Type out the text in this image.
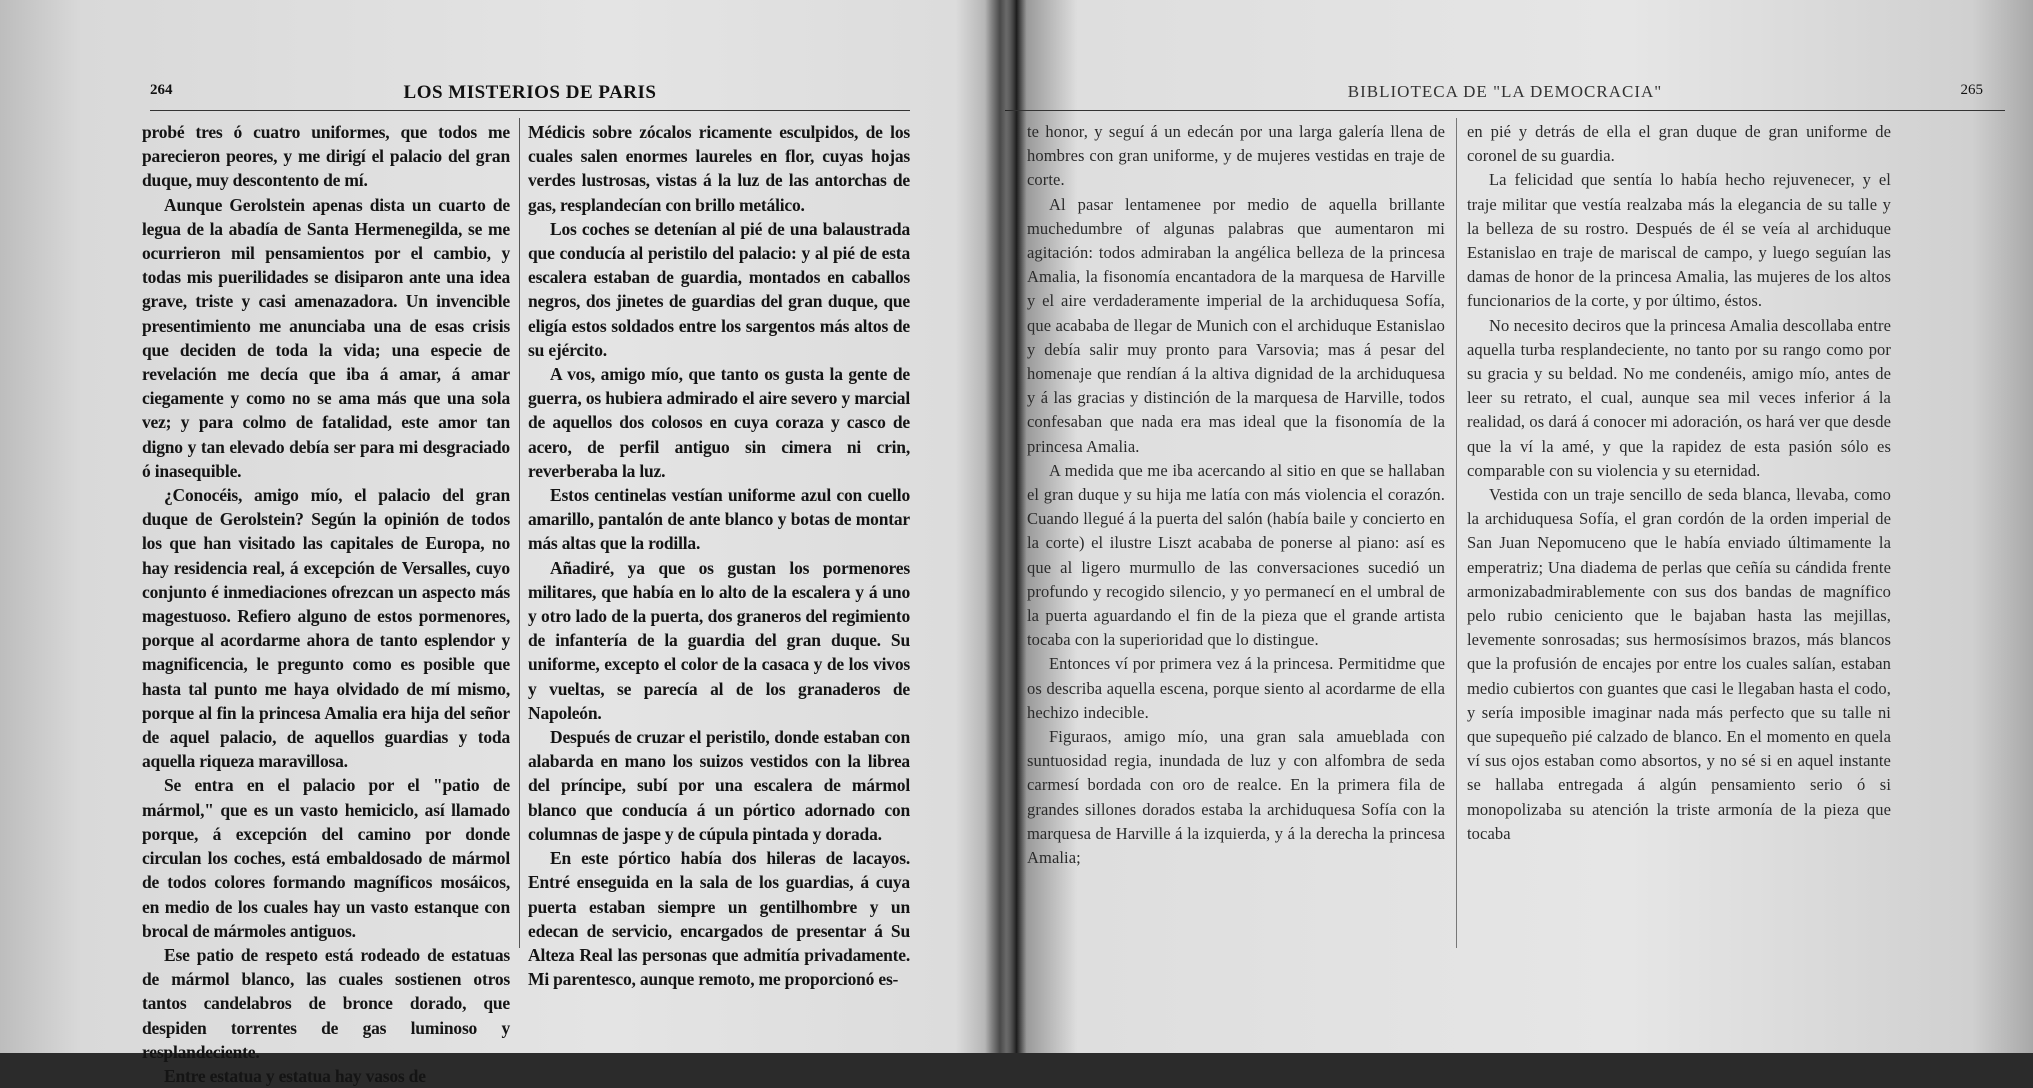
264	LOS MISTERIOS DE PARIS

probé tres ó cuatro uniformes, que todos me parecieron peores, y me dirigí el palacio del gran duque, muy descontento de mí.

Aunque Gerolstein apenas dista un cuarto de legua de la abadía de Santa Hermenegilda, se me ocurrieron mil pensamientos por el cambio, y todas mis puerilidades se disiparon ante una idea grave, triste y casi amenazadora. Un invencible presentimiento me anunciaba una de esas crisis que deciden de toda la vida; una especie de revelación me decía que iba á amar, á amar ciegamente y como no se ama más que una sola vez; y para colmo de fatalidad, este amor tan digno y tan elevado debía ser para mi desgraciado ó inasequible.

¿Conocéis, amigo mío, el palacio del gran duque de Gerolstein? Según la opinión de todos los que han visitado las capitales de Europa, no hay residencia real, á excepción de Versalles, cuyo conjunto é inmediaciones ofrezcan un aspecto más magestuoso. Refiero alguno de estos pormenores, porque al acordarme ahora de tanto esplendor y magnificencia, le pregunto como es posible que hasta tal punto me haya olvidado de mí mismo, porque al fin la princesa Amalia era hija del señor de aquel palacio, de aquellos guardias y toda aquella riqueza maravillosa.

Se entra en el palacio por el "patio de mármol," que es un vasto hemiciclo, así llamado porque, á excepción del camino por donde circulan los coches, está embaldosado de mármol de todos colores formando magníficos mosáicos, en medio de los cuales hay un vasto estanque con brocal de mármoles antiguos.

Ese patio de respeto está rodeado de estatuas de mármol blanco, las cuales sostienen otros tantos candelabros de bronce dorado, que despiden torrentes de gas luminoso y resplandeciente.

Entre estatua y estatua hay vasos de

Médicis sobre zócalos ricamente esculpidos, de los cuales salen enormes laureles en flor, cuyas hojas verdes lustrosas, vistas á la luz de las antorchas de gas, resplandecían con brillo metálico.

Los coches se detenían al pié de una balaustrada que conducía al peristilo del palacio: y al pié de esta escalera estaban de guardia, montados en caballos negros, dos jinetes de guardias del gran duque, que eligía estos soldados entre los sargentos más altos de su ejército.

A vos, amigo mío, que tanto os gusta la gente de guerra, os hubiera admirado el aire severo y marcial de aquellos dos colosos en cuya coraza y casco de acero, de perfil antiguo sin cimera ni crin, reverberaba la luz.

Estos centinelas vestían uniforme azul con cuello amarillo, pantalón de ante blanco y botas de montar más altas que la rodilla.

Añadiré, ya que os gustan los pormenores militares, que había en lo alto de la escalera y á uno y otro lado de la puerta, dos graneros del regimiento de infantería de la guardia del gran duque. Su uniforme, excepto el color de la casaca y de los vivos y vueltas, se parecía al de los granaderos de Napoleón.

Después de cruzar el peristilo, donde estaban con alabarda en mano los suizos vestidos con la librea del príncipe, subí por una escalera de mármol blanco que conducía á un pórtico adornado con columnas de jaspe y de cúpula pintada y dorada.

En este pórtico había dos hileras de lacayos. Entré enseguida en la sala de los guardias, á cuya puerta estaban siempre un gentilhombre y un edecan de servicio, encargados de presentar á Su Alteza Real las personas que admitía privadamente. Mi parentesco, aunque remoto, me proporcionó es-

BIBLIOTECA DE "LA DEMOCRACIA"	265

te honor, y seguí á un edecán por una larga galería llena de hombres con gran uniforme, y de mujeres vestidas en traje de corte.

Al pasar lentamenee por medio de aquella brillante muchedumbre of algunas palabras que aumentaron mi agitación: todos admiraban la angélica belleza de la princesa Amalia, la fisonomía encantadora de la marquesa de Harville y el aire verdaderamente imperial de la archiduquesa Sofía, que acababa de llegar de Munich con el archiduque Estanislao y debía salir muy pronto para Varsovia; mas á pesar del homenaje que rendían á la altiva dignidad de la archiduquesa y á las gracias y distinción de la marquesa de Harville, todos confesaban que nada era mas ideal que la fisonomía de la princesa Amalia.

A medida que me iba acercando al sitio en que se hallaban el gran duque y su hija me latía con más violencia el corazón. Cuando llegué á la puerta del salón (había baile y concierto en la corte) el ilustre Liszt acababa de ponerse al piano: así es que al ligero murmullo de las conversaciones sucedió un profundo y recogido silencio, y yo permanecí en el umbral de la puerta aguardando el fin de la pieza que el grande artista tocaba con la superioridad que lo distingue.

Entonces ví por primera vez á la princesa. Permitidme que os describa aquella escena, porque siento al acordarme de ella hechizo indecible.

Figuraos, amigo mío, una gran sala amueblada con suntuosidad regia, inundada de luz y con alfombra de seda carmesí bordada con oro de realce. En la primera fila de grandes sillones dorados estaba la archiduquesa Sofía con la marquesa de Harville á la izquierda, y á la derecha la princesa Amalia;

en pié y detrás de ella el gran duque de gran uniforme de coronel de su guardia.

La felicidad que sentía lo había hecho rejuvenecer, y el traje militar que vestía realzaba más la elegancia de su talle y la belleza de su rostro. Después de él se veía al archiduque Estanislao en traje de mariscal de campo, y luego seguían las damas de honor de la princesa Amalia, las mujeres de los altos funcionarios de la corte, y por último, éstos.

No necesito deciros que la princesa Amalia descollaba entre aquella turba resplandeciente, no tanto por su rango como por su gracia y su beldad. No me condenéis, amigo mío, antes de leer su retrato, el cual, aunque sea mil veces inferior á la realidad, os dará á conocer mi adoración, os hará ver que desde que la ví la amé, y que la rapidez de esta pasión sólo es comparable con su violencia y su eternidad.

Vestida con un traje sencillo de seda blanca, llevaba, como la archiduquesa Sofía, el gran cordón de la orden imperial de San Juan Nepomuceno que le había enviado últimamente la emperatriz; Una diadema de perlas que ceñía su cándida frente armonizabadmirablemente con sus dos bandas de magnífico pelo rubio ceniciento que le bajaban hasta las mejillas, levemente sonrosadas; sus hermosísimos brazos, más blancos que la profusión de encajes por entre los cuales salían, estaban medio cubiertos con guantes que casi le llegaban hasta el codo, y sería imposible imaginar nada más perfecto que su talle ni que supequeño pié calzado de blanco. En el momento en quela ví sus ojos estaban como absortos, y no sé si en aquel instante se hallaba entregada á algún pensamiento serio ó si monopolizaba su atención la triste armonía de la pieza que tocaba
